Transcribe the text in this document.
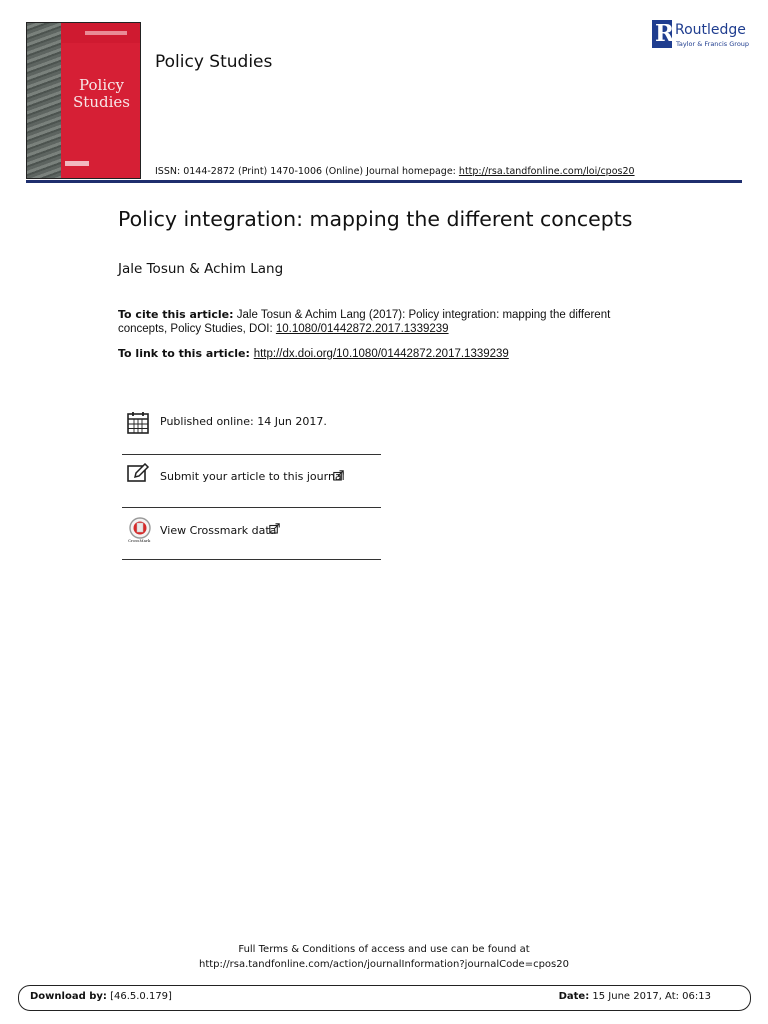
Policy
Studies
Policy Studies
ISSN: 0144-2872 (Print) 1470-1006 (Online) Journal homepage: http://rsa.tandfonline.com/loi/cpos20
R Routledge
Taylor & Francis Group
Policy integration: mapping the different concepts
Jale Tosun & Achim Lang
To cite this article: Jale Tosun & Achim Lang (2017): Policy integration: mapping the different concepts, Policy Studies, DOI: 10.1080/01442872.2017.1339239
To link to this article: http://dx.doi.org/10.1080/01442872.2017.1339239
Published online: 14 Jun 2017.
Submit your article to this journal
CrossMark
View Crossmark data
Full Terms & Conditions of access and use can be found at
http://rsa.tandfonline.com/action/journalInformation?journalCode=cpos20
Download by: [46.5.0.179]	Date: 15 June 2017, At: 06:13
